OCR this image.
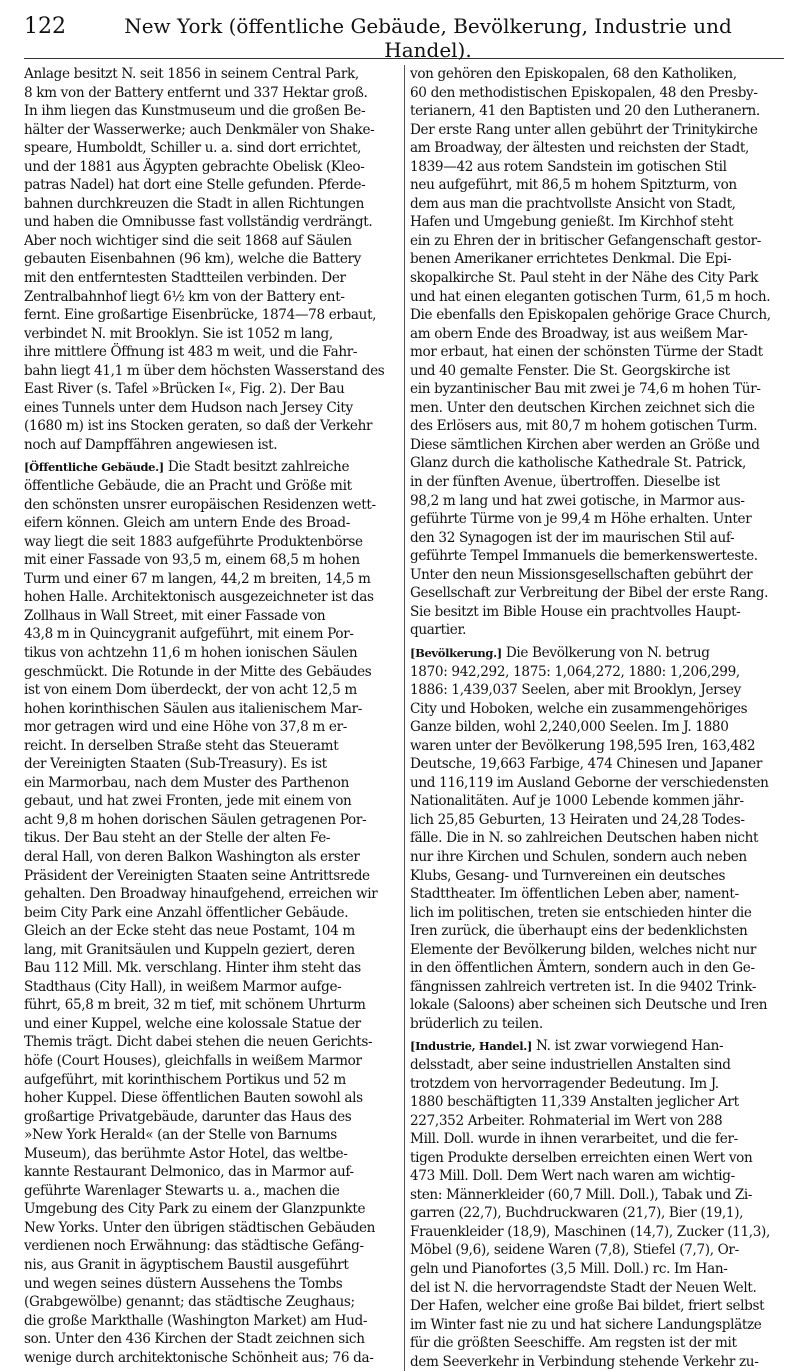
122	New York (öffentliche Gebäude, Bevölkerung, Industrie und Handel).
Anlage besitzt N. seit 1856 in seinem Central Park,
8 km von der Battery entfernt und 337 Hektar groß.
In ihm liegen das Kunstmuseum und die großen Be-
hälter der Wasserwerke; auch Denkmäler von Shake-
speare, Humboldt, Schiller u. a. sind dort errichtet,
und der 1881 aus Ägypten gebrachte Obelisk (Kleo-
patras Nadel) hat dort eine Stelle gefunden. Pferde-
bahnen durchkreuzen die Stadt in allen Richtungen
und haben die Omnibusse fast vollständig verdrängt.
Aber noch wichtiger sind die seit 1868 auf Säulen
gebauten Eisenbahnen (96 km), welche die Battery
mit den entferntesten Stadtteilen verbinden. Der
Zentralbahnhof liegt 6½ km von der Battery ent-
fernt. Eine großartige Eisenbrücke, 1874—78 erbaut,
verbindet N. mit Brooklyn. Sie ist 1052 m lang,
ihre mittlere Öffnung ist 483 m weit, und die Fahr-
bahn liegt 41,1 m über dem höchsten Wasserstand des
East River (s. Tafel »Brücken I«, Fig. 2). Der Bau
eines Tunnels unter dem Hudson nach Jersey City
(1680 m) ist ins Stocken geraten, so daß der Verkehr
noch auf Dampffähren angewiesen ist.
[Öffentliche Gebäude.] Die Stadt besitzt zahlreiche
öffentliche Gebäude, die an Pracht und Größe mit
den schönsten unsrer europäischen Residenzen wett-
eifern können. Gleich am untern Ende des Broad-
way liegt die seit 1883 aufgeführte Produktenbörse
mit einer Fassade von 93,5 m, einem 68,5 m hohen
Turm und einer 67 m langen, 44,2 m breiten, 14,5 m
hohen Halle. Architektonisch ausgezeichneter ist das
Zollhaus in Wall Street, mit einer Fassade von
43,8 m in Quincygranit aufgeführt, mit einem Por-
tikus von achtzehn 11,6 m hohen ionischen Säulen
geschmückt. Die Rotunde in der Mitte des Gebäudes
ist von einem Dom überdeckt, der von acht 12,5 m
hohen korinthischen Säulen aus italienischem Mar-
mor getragen wird und eine Höhe von 37,8 m er-
reicht. In derselben Straße steht das Steueramt
der Vereinigten Staaten (Sub-Treasury). Es ist
ein Marmorbau, nach dem Muster des Parthenon
gebaut, und hat zwei Fronten, jede mit einem von
acht 9,8 m hohen dorischen Säulen getragenen Por-
tikus. Der Bau steht an der Stelle der alten Fe-
deral Hall, von deren Balkon Washington als erster
Präsident der Vereinigten Staaten seine Antrittsrede
gehalten. Den Broadway hinaufgehend, erreichen wir
beim City Park eine Anzahl öffentlicher Gebäude.
Gleich an der Ecke steht das neue Postamt, 104 m
lang, mit Granitsäulen und Kuppeln geziert, deren
Bau 112 Mill. Mk. verschlang. Hinter ihm steht das
Stadthaus (City Hall), in weißem Marmor aufge-
führt, 65,8 m breit, 32 m tief, mit schönem Uhrturm
und einer Kuppel, welche eine kolossale Statue der
Themis trägt. Dicht dabei stehen die neuen Gerichts-
höfe (Court Houses), gleichfalls in weißem Marmor
aufgeführt, mit korinthischem Portikus und 52 m
hoher Kuppel. Diese öffentlichen Bauten sowohl als
großartige Privatgebäude, darunter das Haus des
»New York Herald« (an der Stelle von Barnums
Museum), das berühmte Astor Hotel, das weltbe-
kannte Restaurant Delmonico, das in Marmor auf-
geführte Warenlager Stewarts u. a., machen die
Umgebung des City Park zu einem der Glanzpunkte
New Yorks. Unter den übrigen städtischen Gebäuden
verdienen noch Erwähnung: das städtische Gefäng-
nis, aus Granit in ägyptischem Baustil ausgeführt
und wegen seines düstern Aussehens the Tombs
(Grabgewölbe) genannt; das städtische Zeughaus;
die große Markthalle (Washington Market) am Hud-
son. Unter den 436 Kirchen der Stadt zeichnen sich
wenige durch architektonische Schönheit aus; 76 da-
von gehören den Episkopalen, 68 den Katholiken,
60 den methodistischen Episkopalen, 48 den Presby-
terianern, 41 den Baptisten und 20 den Lutheranern.
Der erste Rang unter allen gebührt der Trinitykirche
am Broadway, der ältesten und reichsten der Stadt,
1839—42 aus rotem Sandstein im gotischen Stil
neu aufgeführt, mit 86,5 m hohem Spitzturm, von
dem aus man die prachtvollste Ansicht von Stadt,
Hafen und Umgebung genießt. Im Kirchhof steht
ein zu Ehren der in britischer Gefangenschaft gestor-
benen Amerikaner errichtetes Denkmal. Die Epi-
skopalkirche St. Paul steht in der Nähe des City Park
und hat einen eleganten gotischen Turm, 61,5 m hoch.
Die ebenfalls den Episkopalen gehörige Grace Church,
am obern Ende des Broadway, ist aus weißem Mar-
mor erbaut, hat einen der schönsten Türme der Stadt
und 40 gemalte Fenster. Die St. Georgskirche ist
ein byzantinischer Bau mit zwei je 74,6 m hohen Tür-
men. Unter den deutschen Kirchen zeichnet sich die
des Erlösers aus, mit 80,7 m hohem gotischen Turm.
Diese sämtlichen Kirchen aber werden an Größe und
Glanz durch die katholische Kathedrale St. Patrick,
in der fünften Avenue, übertroffen. Dieselbe ist
98,2 m lang und hat zwei gotische, in Marmor aus-
geführte Türme von je 99,4 m Höhe erhalten. Unter
den 32 Synagogen ist der im maurischen Stil auf-
geführte Tempel Immanuels die bemerkenswerteste.
Unter den neun Missionsgesellschaften gebührt der
Gesellschaft zur Verbreitung der Bibel der erste Rang.
Sie besitzt im Bible House ein prachtvolles Haupt-
quartier.
[Bevölkerung.] Die Bevölkerung von N. betrug
1870: 942,292, 1875: 1,064,272, 1880: 1,206,299,
1886: 1,439,037 Seelen, aber mit Brooklyn, Jersey
City und Hoboken, welche ein zusammengehöriges
Ganze bilden, wohl 2,240,000 Seelen. Im J. 1880
waren unter der Bevölkerung 198,595 Iren, 163,482
Deutsche, 19,663 Farbige, 474 Chinesen und Japaner
und 116,119 im Ausland Geborne der verschiedensten
Nationalitäten. Auf je 1000 Lebende kommen jähr-
lich 25,85 Geburten, 13 Heiraten und 24,28 Todes-
fälle. Die in N. so zahlreichen Deutschen haben nicht
nur ihre Kirchen und Schulen, sondern auch neben
Klubs, Gesang- und Turnvereinen ein deutsches
Stadttheater. Im öffentlichen Leben aber, nament-
lich im politischen, treten sie entschieden hinter die
Iren zurück, die überhaupt eins der bedenklichsten
Elemente der Bevölkerung bilden, welches nicht nur
in den öffentlichen Ämtern, sondern auch in den Ge-
fängnissen zahlreich vertreten ist. In die 9402 Trink-
lokale (Saloons) aber scheinen sich Deutsche und Iren
brüderlich zu teilen.
[Industrie, Handel.] N. ist zwar vorwiegend Han-
delsstadt, aber seine industriellen Anstalten sind
trotzdem von hervorragender Bedeutung. Im J.
1880 beschäftigten 11,339 Anstalten jeglicher Art
227,352 Arbeiter. Rohmaterial im Wert von 288
Mill. Doll. wurde in ihnen verarbeitet, und die fer-
tigen Produkte derselben erreichten einen Wert von
473 Mill. Doll. Dem Wert nach waren am wichtig-
sten: Männerkleider (60,7 Mill. Doll.), Tabak und Zi-
garren (22,7), Buchdruckwaren (21,7), Bier (19,1),
Frauenkleider (18,9), Maschinen (14,7), Zucker (11,3),
Möbel (9,6), seidene Waren (7,8), Stiefel (7,7), Or-
geln und Pianofortes (3,5 Mill. Doll.) rc. Im Han-
del ist N. die hervorragendste Stadt der Neuen Welt.
Der Hafen, welcher eine große Bai bildet, friert selbst
im Winter fast nie zu und hat sichere Landungsplätze
für die größten Seeschiffe. Am regsten ist der mit
dem Seeverkehr in Verbindung stehende Verkehr zu-
